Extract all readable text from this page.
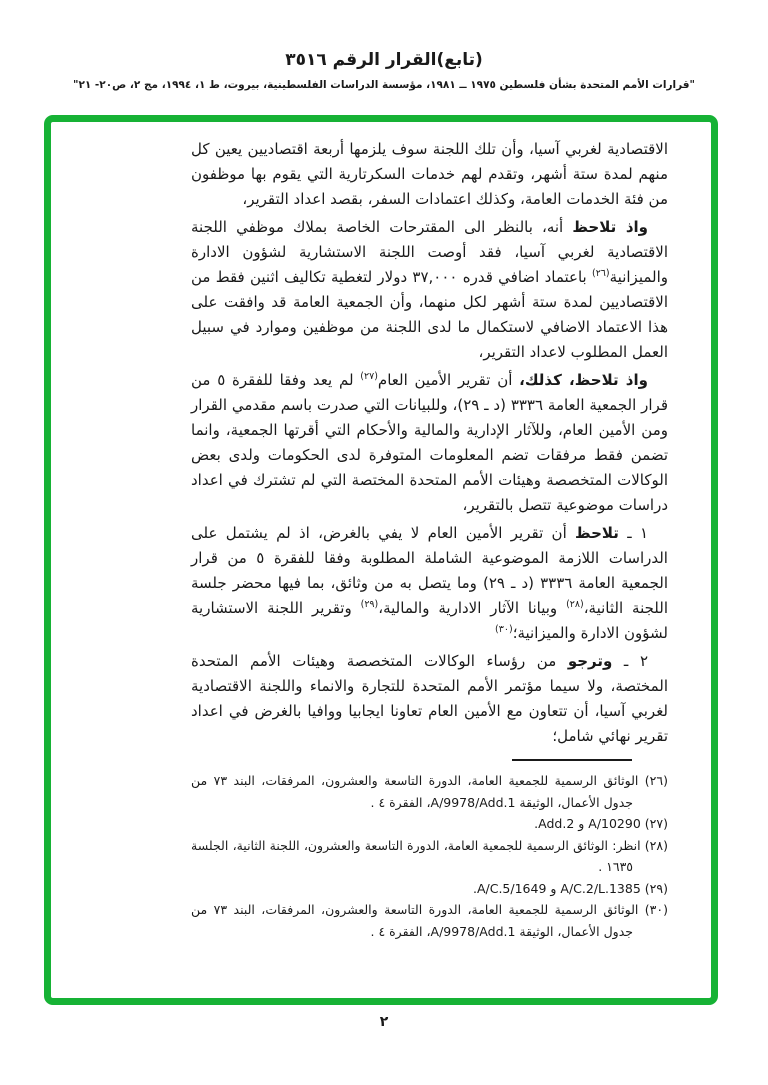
(تابع)القرار الرقم ٣٥١٦
"قرارات الأمم المتحدة بشأن فلسطين ١٩٧٥ ــ ١٩٨١، مؤسسة الدراسات الفلسطينية، بيروت، ط ١، ١٩٩٤، مج ٢، ص٢٠- ٢١"

الاقتصادية لغربي آسيا، وأن تلك اللجنة سوف يلزمها أربعة اقتصاديين يعين كل منهم لمدة ستة أشهر، وتقدم لهم خدمات السكرتارية التي يقوم بها موظفون من فئة الخدمات العامة، وكذلك اعتمادات السفر، بقصد اعداد التقرير،

واذ تلاحظ أنه، بالنظر الى المقترحات الخاصة بملاك موظفي اللجنة الاقتصادية لغربي آسيا، فقد أوصت اللجنة الاستشارية لشؤون الادارة والميزانية$^{(٢٦)}$ باعتماد اضافي قدره ٣٧,٠٠٠ دولار لتغطية تكاليف اثنين فقط من الاقتصاديين لمدة ستة أشهر لكل منهما، وأن الجمعية العامة قد وافقت على هذا الاعتماد الاضافي لاستكمال ما لدى اللجنة من موظفين وموارد في سبيل العمل المطلوب لاعداد التقرير،

واذ تلاحظ، كذلك، أن تقرير الأمين العام$^{(٢٧)}$ لم يعد وفقا للفقرة ٥ من قرار الجمعية العامة ٣٣٣٦ (د ـ ٢٩)، وللبيانات التي صدرت باسم مقدمي القرار ومن الأمين العام، وللآثار الإدارية والمالية والأحكام التي أقرتها الجمعية، وانما تضمن فقط مرفقات تضم المعلومات المتوفرة لدى الحكومات ولدى بعض الوكالات المتخصصة وهيئات الأمم المتحدة المختصة التي لم تشترك في اعداد دراسات موضوعية تتصل بالتقرير،

١ ـ تلاحظ أن تقرير الأمين العام لا يفي بالغرض، اذ لم يشتمل على الدراسات اللازمة الموضوعية الشاملة المطلوبة وفقا للفقرة ٥ من قرار الجمعية العامة ٣٣٣٦ (د ـ ٢٩) وما يتصل به من وثائق، بما فيها محضر جلسة اللجنة الثانية،$^{(٢٨)}$ وبيانا الآثار الادارية والمالية،$^{(٢٩)}$ وتقرير اللجنة الاستشارية لشؤون الادارة والميزانية؛$^{(٣٠)}$

٢ ـ وترجو من رؤساء الوكالات المتخصصة وهيئات الأمم المتحدة المختصة، ولا سيما مؤتمر الأمم المتحدة للتجارة والانماء واللجنة الاقتصادية لغربي آسيا، أن تتعاون مع الأمين العام تعاونا ايجابيا ووافيا بالغرض في اعداد تقرير نهائي شامل؛

(٢٦) الوثائق الرسمية للجمعية العامة، الدورة التاسعة والعشرون، المرفقات، البند ٧٣ من جدول الأعمال، الوثيقة A/9978/Add.1، الفقرة ٤ .

(٢٧) A/10290 و Add.2.

(٢٨) انظر: الوثائق الرسمية للجمعية العامة، الدورة التاسعة والعشرون، اللجنة الثانية، الجلسة ١٦٣٥ .

(٢٩) A/C.2/L.1385 و A/C.5/1649.

(٣٠) الوثائق الرسمية للجمعية العامة، الدورة التاسعة والعشرون، المرفقات، البند ٧٣ من جدول الأعمال، الوثيقة A/9978/Add.1، الفقرة ٤ .

٢
